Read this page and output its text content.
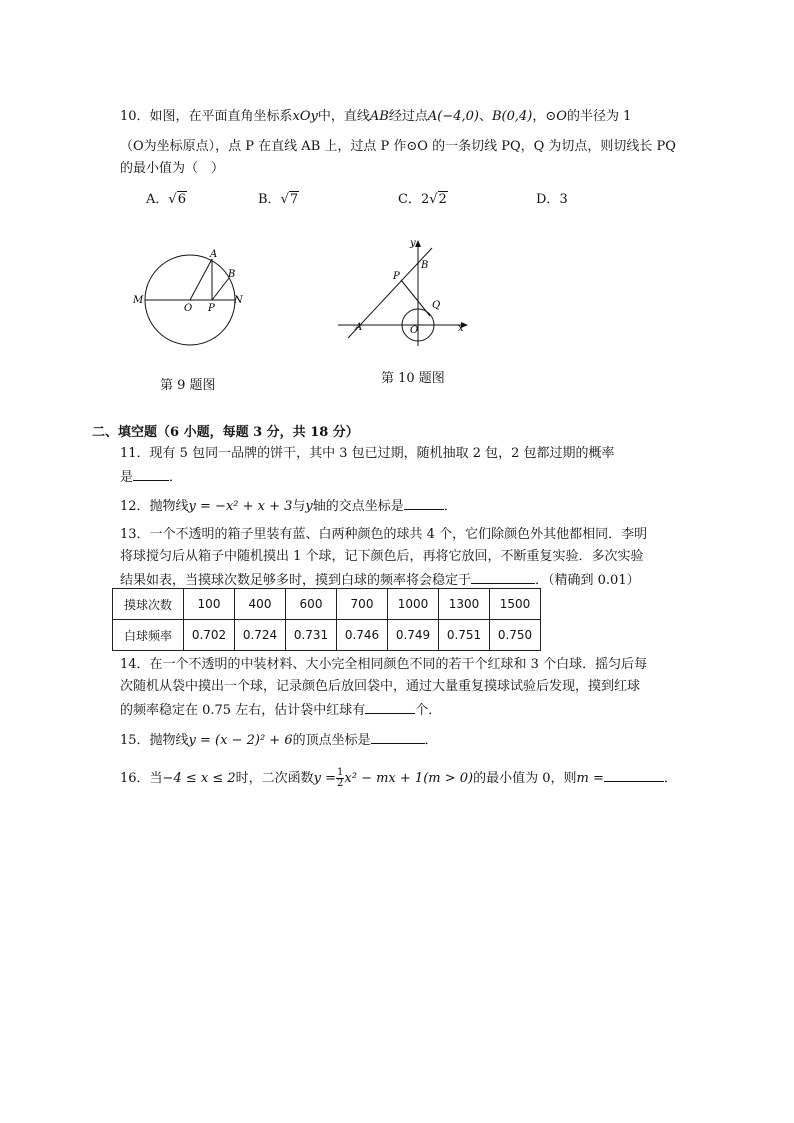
10．如图，在平面直角坐标系xOy中，直线AB经过点A(−4,0)、B(0,4)，⊙O的半径为 1
（O为坐标原点），点 P 在直线 AB 上，过点 P 作⊙O 的一条切线 PQ，Q 为切点，则切线长 PQ
的最小值为（　）
A．√6	B．√7	C．2√2	D．3
A
B
M	N
O P
第 9 题图
y
x
B
P
Q
A	O
第 10 题图
二、填空题（6 小题，每题 3 分，共 18 分）
11．现有 5 包同一品牌的饼干，其中 3 包已过期，随机抽取 2 包，2 包都过期的概率
是	．
12．抛物线y = −x² + x + 3与y轴的交点坐标是	．
13．一个不透明的箱子里装有蓝、白两种颜色的球共 4 个，它们除颜色外其他都相同．李明
将球搅匀后从箱子中随机摸出 1 个球，记下颜色后，再将它放回，不断重复实验．多次实验
结果如表，当摸球次数足够多时，摸到白球的频率将会稳定于	．（精确到 0.01）
摸球次数	100	400	600	700	1000	1300	1500
白球频率	0.702	0.724	0.731	0.746	0.749	0.751	0.750
14．在一个不透明的中装材料、大小完全相同颜色不同的若干个红球和 3 个白球．摇匀后每
次随机从袋中摸出一个球，记录颜色后放回袋中，通过大量重复摸球试验后发现，摸到红球
的频率稳定在 0.75 左右，估计袋中红球有	个．
15．抛物线y = (x − 2)² + 6的顶点坐标是	．
16．当−4 ≤ x ≤ 2时，二次函数$y = \frac{1}{2} x^2$ − mx + 1(m > 0)的最小值为 0，则m =	．
